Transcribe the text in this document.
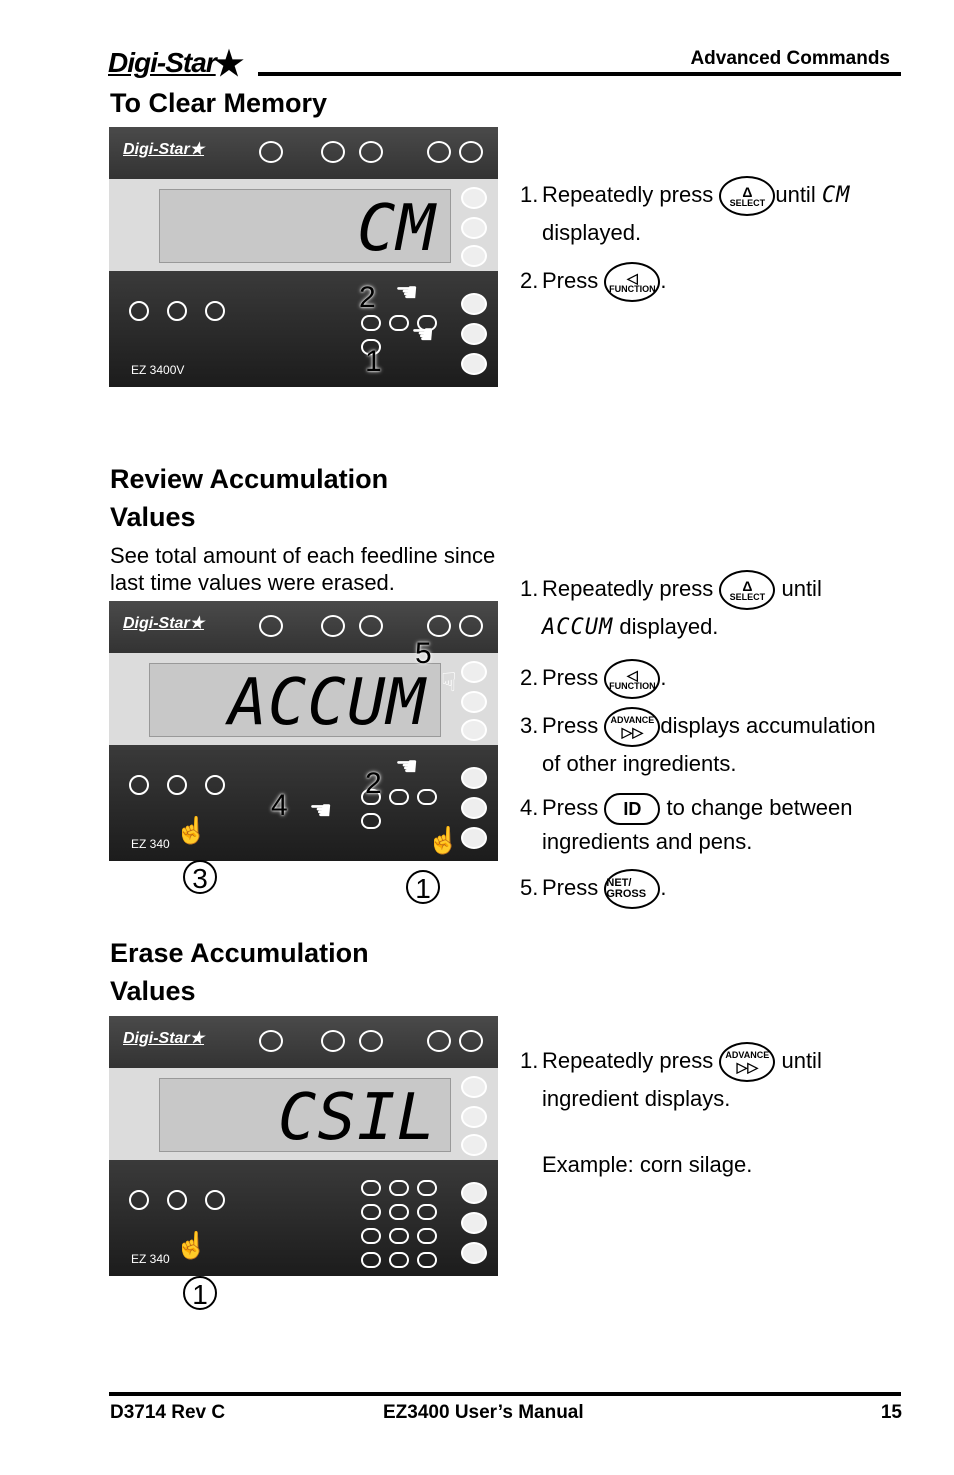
Digi-Star★	Advanced Commands
To Clear Memory
Digi-Star★
CM
☚
☚
EZ 3400V
2
1
1. Repeatedly press Δ
SELECT until CM
displayed.
2. Press ◁
FUNCTION .
Review Accumulation
Values
See total amount of each feedline since last time values were erased.
Digi-Star★
ACCUM
☚
☚
☝	☝
EZ 340
☟
5
2
4
3	1
1. Repeatedly press Δ
SELECT until
ACCUM displayed.
2. Press ◁
FUNCTION .
3. Press ADVANCE
▷▷ displays accumulation
of other ingredients.
4. Press ID to change between
ingredients and pens.
5. Press NET/ GROSS .
Erase Accumulation
Values
Digi-Star★
CSIL
☝
EZ 340
1
1. Repeatedly press ADVANCE
▷▷ until
ingredient displays.
Example: corn silage.
D3714 Rev C	EZ3400 User’s Manual	15
